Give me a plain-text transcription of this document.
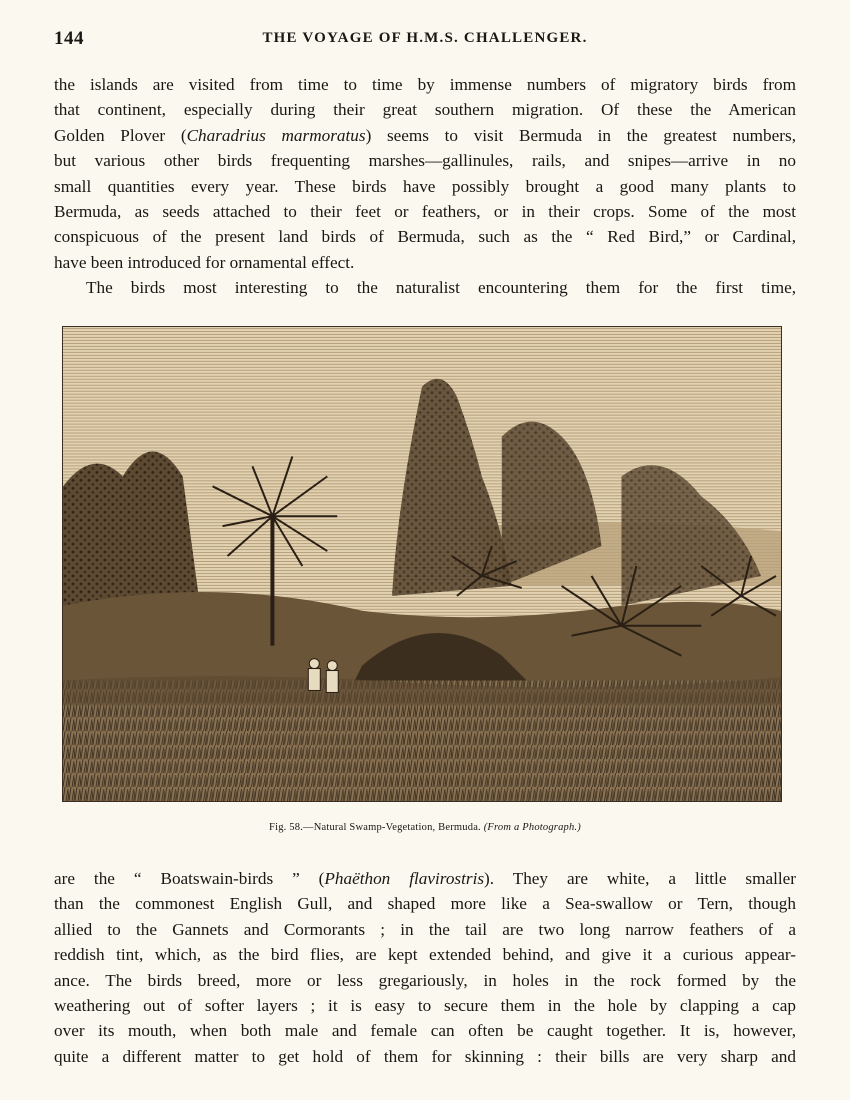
144	THE VOYAGE OF H.M.S. CHALLENGER.
the islands are visited from time to time by immense numbers of migratory birds from
that continent, especially during their great southern migration. Of these the American
Golden Plover (Charadrius marmoratus) seems to visit Bermuda in the greatest numbers,
but various other birds frequenting marshes—gallinules, rails, and snipes—arrive in no
small quantities every year. These birds have possibly brought a good many plants to
Bermuda, as seeds attached to their feet or feathers, or in their crops. Some of the most
conspicuous of the present land birds of Bermuda, such as the “ Red Bird,” or Cardinal,
have been introduced for ornamental effect.
The birds most interesting to the naturalist encountering them for the first time,
Fig. 58.—Natural Swamp-Vegetation, Bermuda. (From a Photograph.)
are the “ Boatswain-birds ” (Phaëthon flavirostris). They are white, a little smaller
than the commonest English Gull, and shaped more like a Sea-swallow or Tern, though
allied to the Gannets and Cormorants ; in the tail are two long narrow feathers of a
reddish tint, which, as the bird flies, are kept extended behind, and give it a curious appear-
ance. The birds breed, more or less gregariously, in holes in the rock formed by the
weathering out of softer layers ; it is easy to secure them in the hole by clapping a cap
over its mouth, when both male and female can often be caught together. It is, however,
quite a different matter to get hold of them for skinning : their bills are very sharp and
